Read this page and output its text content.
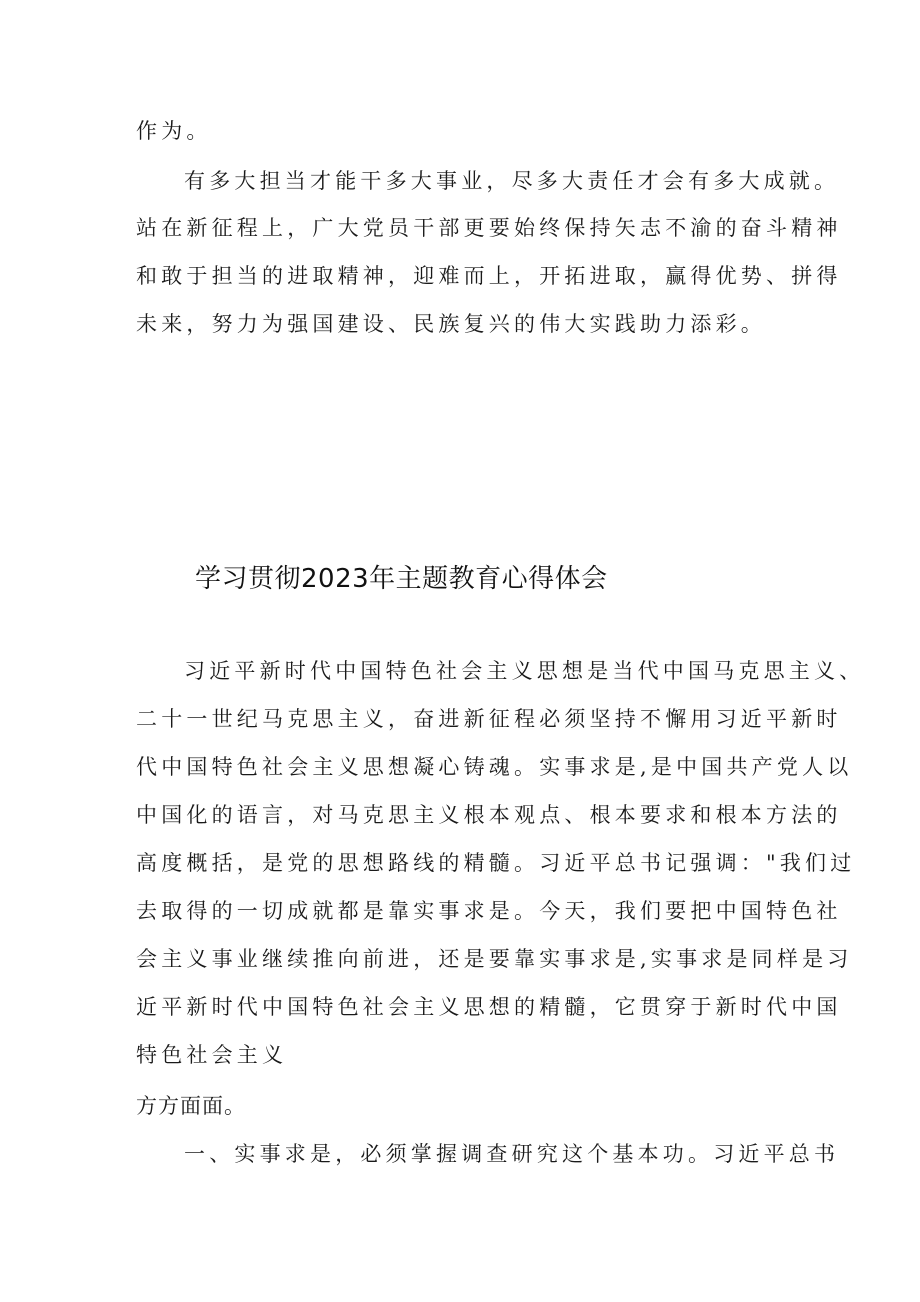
作为。
有多大担当才能干多大事业，尽多大责任才会有多大成就。
站在新征程上，广大党员干部更要始终保持矢志不渝的奋斗精神
和敢于担当的进取精神，迎难而上，开拓进取，赢得优势、拼得
未来，努力为强国建设、民族复兴的伟大实践助力添彩。
学习贯彻2023年主题教育心得体会
习近平新时代中国特色社会主义思想是当代中国马克思主义、
二十一世纪马克思主义，奋进新征程必须坚持不懈用习近平新时
代中国特色社会主义思想凝心铸魂。实事求是,是中国共产党人以
中国化的语言，对马克思主义根本观点、根本要求和根本方法的
高度概括，是党的思想路线的精髓。习近平总书记强调："我们过
去取得的一切成就都是靠实事求是。今天，我们要把中国特色社
会主义事业继续推向前进，还是要靠实事求是,实事求是同样是习
近平新时代中国特色社会主义思想的精髓，它贯穿于新时代中国
特色社会主义
方方面面。
一、实事求是，必须掌握调查研究这个基本功。习近平总书
